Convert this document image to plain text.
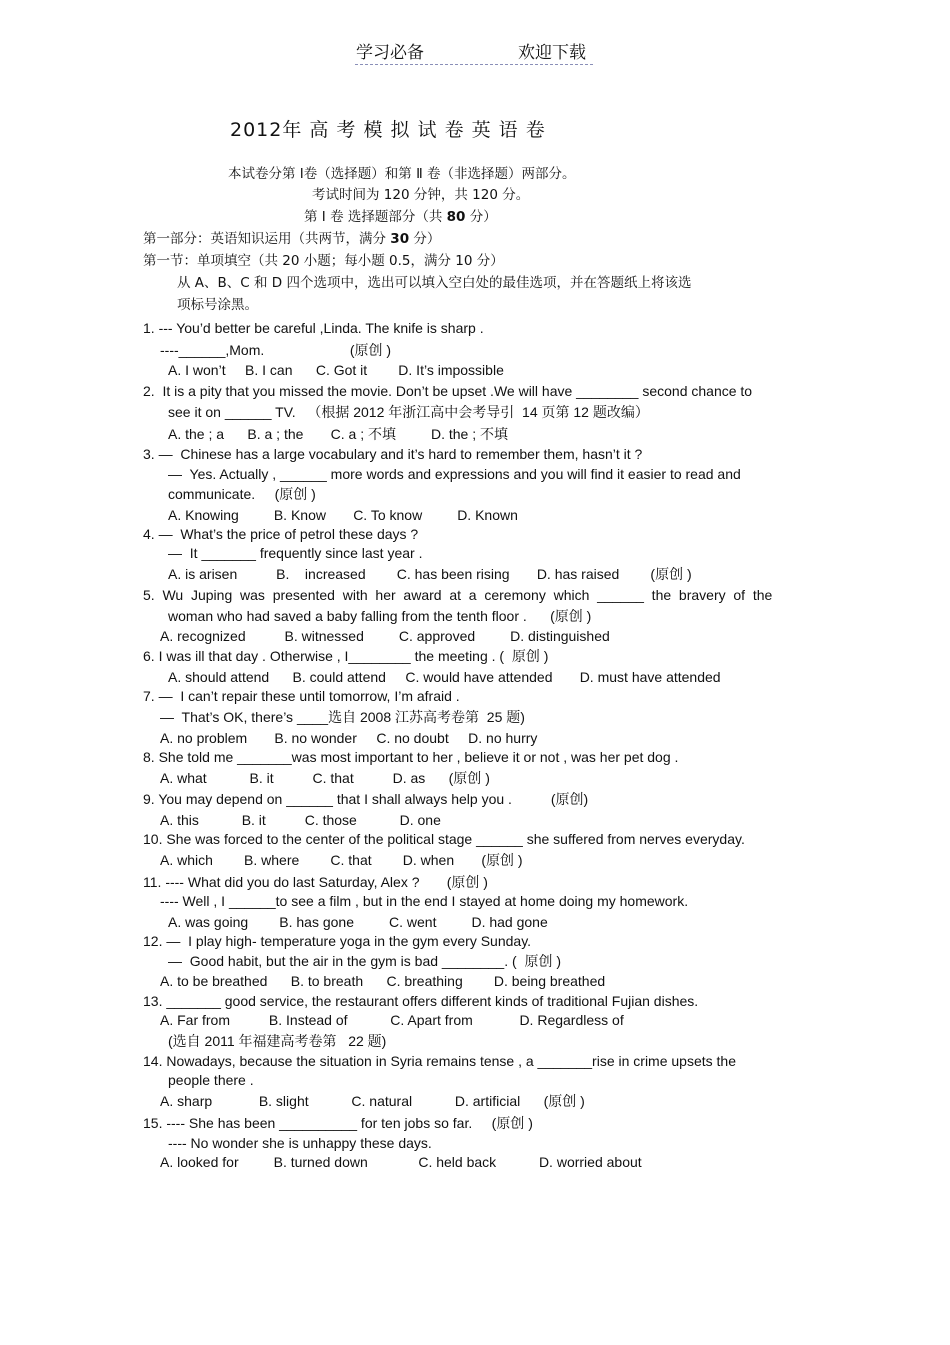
学习必备	欢迎下载
2012年 高 考 模 拟 试 卷 英 语 卷
本试卷分第 Ⅰ卷（选择题）和第 Ⅱ 卷（非选择题）两部分。
考试时间为 120 分钟，共 120 分。
第 Ⅰ 卷 选择题部分（共 80 分）
第一部分：英语知识运用（共两节，满分 30 分）
第一节：单项填空（共 20 小题；每小题 0.5，满分 10 分）
从 A、B、C 和 D 四个选项中，选出可以填入空白处的最佳选项，并在答题纸上将该选
项标号涂黑。
1. --- You’d better be careful ,Linda. The knife is sharp .
----______,Mom.                      (原创 )
A. I won’t     B. I can      C. Got it        D. It’s impossible
2.  It is a pity that you missed the movie. Don’t be upset .We will have ________ second chance to
see it on ______ TV.   （根据 2012 年浙江高中会考导引  14 页第 12 题改编）
A. the ; a      B. a ; the       C. a ; 不填         D. the ; 不填
3. —  Chinese has a large vocabulary and it’s hard to remember them, hasn’t it ?
—  Yes. Actually , ______ more words and expressions and you will find it easier to read and
communicate.     (原创 )
A. Knowing         B. Know       C. To know         D. Known
4. —  What’s the price of petrol these days ?
—  It _______ frequently since last year .
A. is arisen          B.    increased        C. has been rising       D. has raised        (原创 )
5.  Wu  Juping  was  presented  with  her  award  at  a  ceremony  which  ______  the  bravery  of  the
woman who had saved a baby falling from the tenth floor .      (原创 )
A. recognized          B. witnessed         C. approved         D. distinguished
6. I was ill that day . Otherwise , I________ the meeting . (  原创 )
A. should attend      B. could attend     C. would have attended       D. must have attended
7. —  I can’t repair these until tomorrow, I’m afraid .
—  That’s OK, there’s ____选自 2008 江苏高考卷第  25 题)
A. no problem       B. no wonder     C. no doubt     D. no hurry
8. She told me _______was most important to her , believe it or not , was her pet dog .
A. what           B. it          C. that          D. as      (原创 )
9. You may depend on ______ that I shall always help you .          (原创)
A. this           B. it          C. those           D. one
10. She was forced to the center of the political stage ______ she suffered from nerves everyday.
A. which        B. where        C. that        D. when       (原创 )
11. ---- What did you do last Saturday, Alex ?       (原创 )
---- Well , I ______to see a film , but in the end I stayed at home doing my homework.
A. was going        B. has gone         C. went         D. had gone
12. —  I play high- temperature yoga in the gym every Sunday.
—  Good habit, but the air in the gym is bad ________. (  原创 )
A. to be breathed      B. to breath      C. breathing        D. being breathed
13. _______ good service, the restaurant offers different kinds of traditional Fujian dishes.
A. Far from          B. Instead of           C. Apart from            D. Regardless of
(选自 2011 年福建高考卷第   22 题)
14. Nowadays, because the situation in Syria remains tense , a _______rise in crime upsets the
people there .
A. sharp            B. slight           C. natural           D. artificial      (原创 )
15. ---- She has been __________ for ten jobs so far.     (原创 )
---- No wonder she is unhappy these days.
A. looked for         B. turned down             C. held back           D. worried about
